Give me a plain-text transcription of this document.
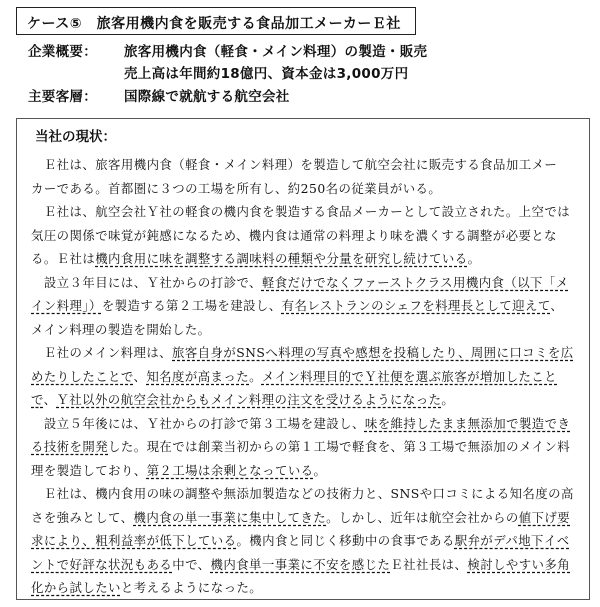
ケース⑤　旅客用機内食を販売する食品加工メーカーＥ社
企業概要： 旅客用機内食（軽食・メイン料理）の製造・販売
売上高は年間約18億円、資本金は3,000万円
主要客層： 国際線で就航する航空会社
当社の現状：
　Ｅ社は、旅客用機内食（軽食・メイン料理）を製造して航空会社に販売する食品加工メー
カーである。首都圏に３つの工場を所有し、約250名の従業員がいる。
　Ｅ社は、航空会社Ｙ社の軽食の機内食を製造する食品メーカーとして設立された。上空では
気圧の関係で味覚が鈍感になるため、機内食は通常の料理より味を濃くする調整が必要とな
る。Ｅ社は機内食用に味を調整する調味料の種類や分量を研究し続けている。
　設立３年目には、Ｙ社からの打診で、軽食だけでなくファーストクラス用機内食（以下「メ
イン料理」）を製造する第２工場を建設し、有名レストランのシェフを料理長として迎えて、
メイン料理の製造を開始した。
　Ｅ社のメイン料理は、旅客自身がSNSへ料理の写真や感想を投稿したり、周囲に口コミを広
めたりしたことで、知名度が高まった。メイン料理目的でＹ社便を選ぶ旅客が増加したこと
で、Ｙ社以外の航空会社からもメイン料理の注文を受けるようになった。
　設立５年後には、Ｙ社からの打診で第３工場を建設し、味を維持したまま無添加で製造でき
る技術を開発した。現在では創業当初からの第１工場で軽食を、第３工場で無添加のメイン料
理を製造しており、第２工場は余剰となっている。
　Ｅ社は、機内食用の味の調整や無添加製造などの技術力と、SNSや口コミによる知名度の高
さを強みとして、機内食の単一事業に集中してきた。しかし、近年は航空会社からの値下げ要
求により、粗利益率が低下している。機内食と同じく移動中の食事である駅弁がデパ地下イベ
ントで好評な状況もある中で、機内食単一事業に不安を感じたＥ社社長は、検討しやすい多角
化から試したいと考えるようになった。
